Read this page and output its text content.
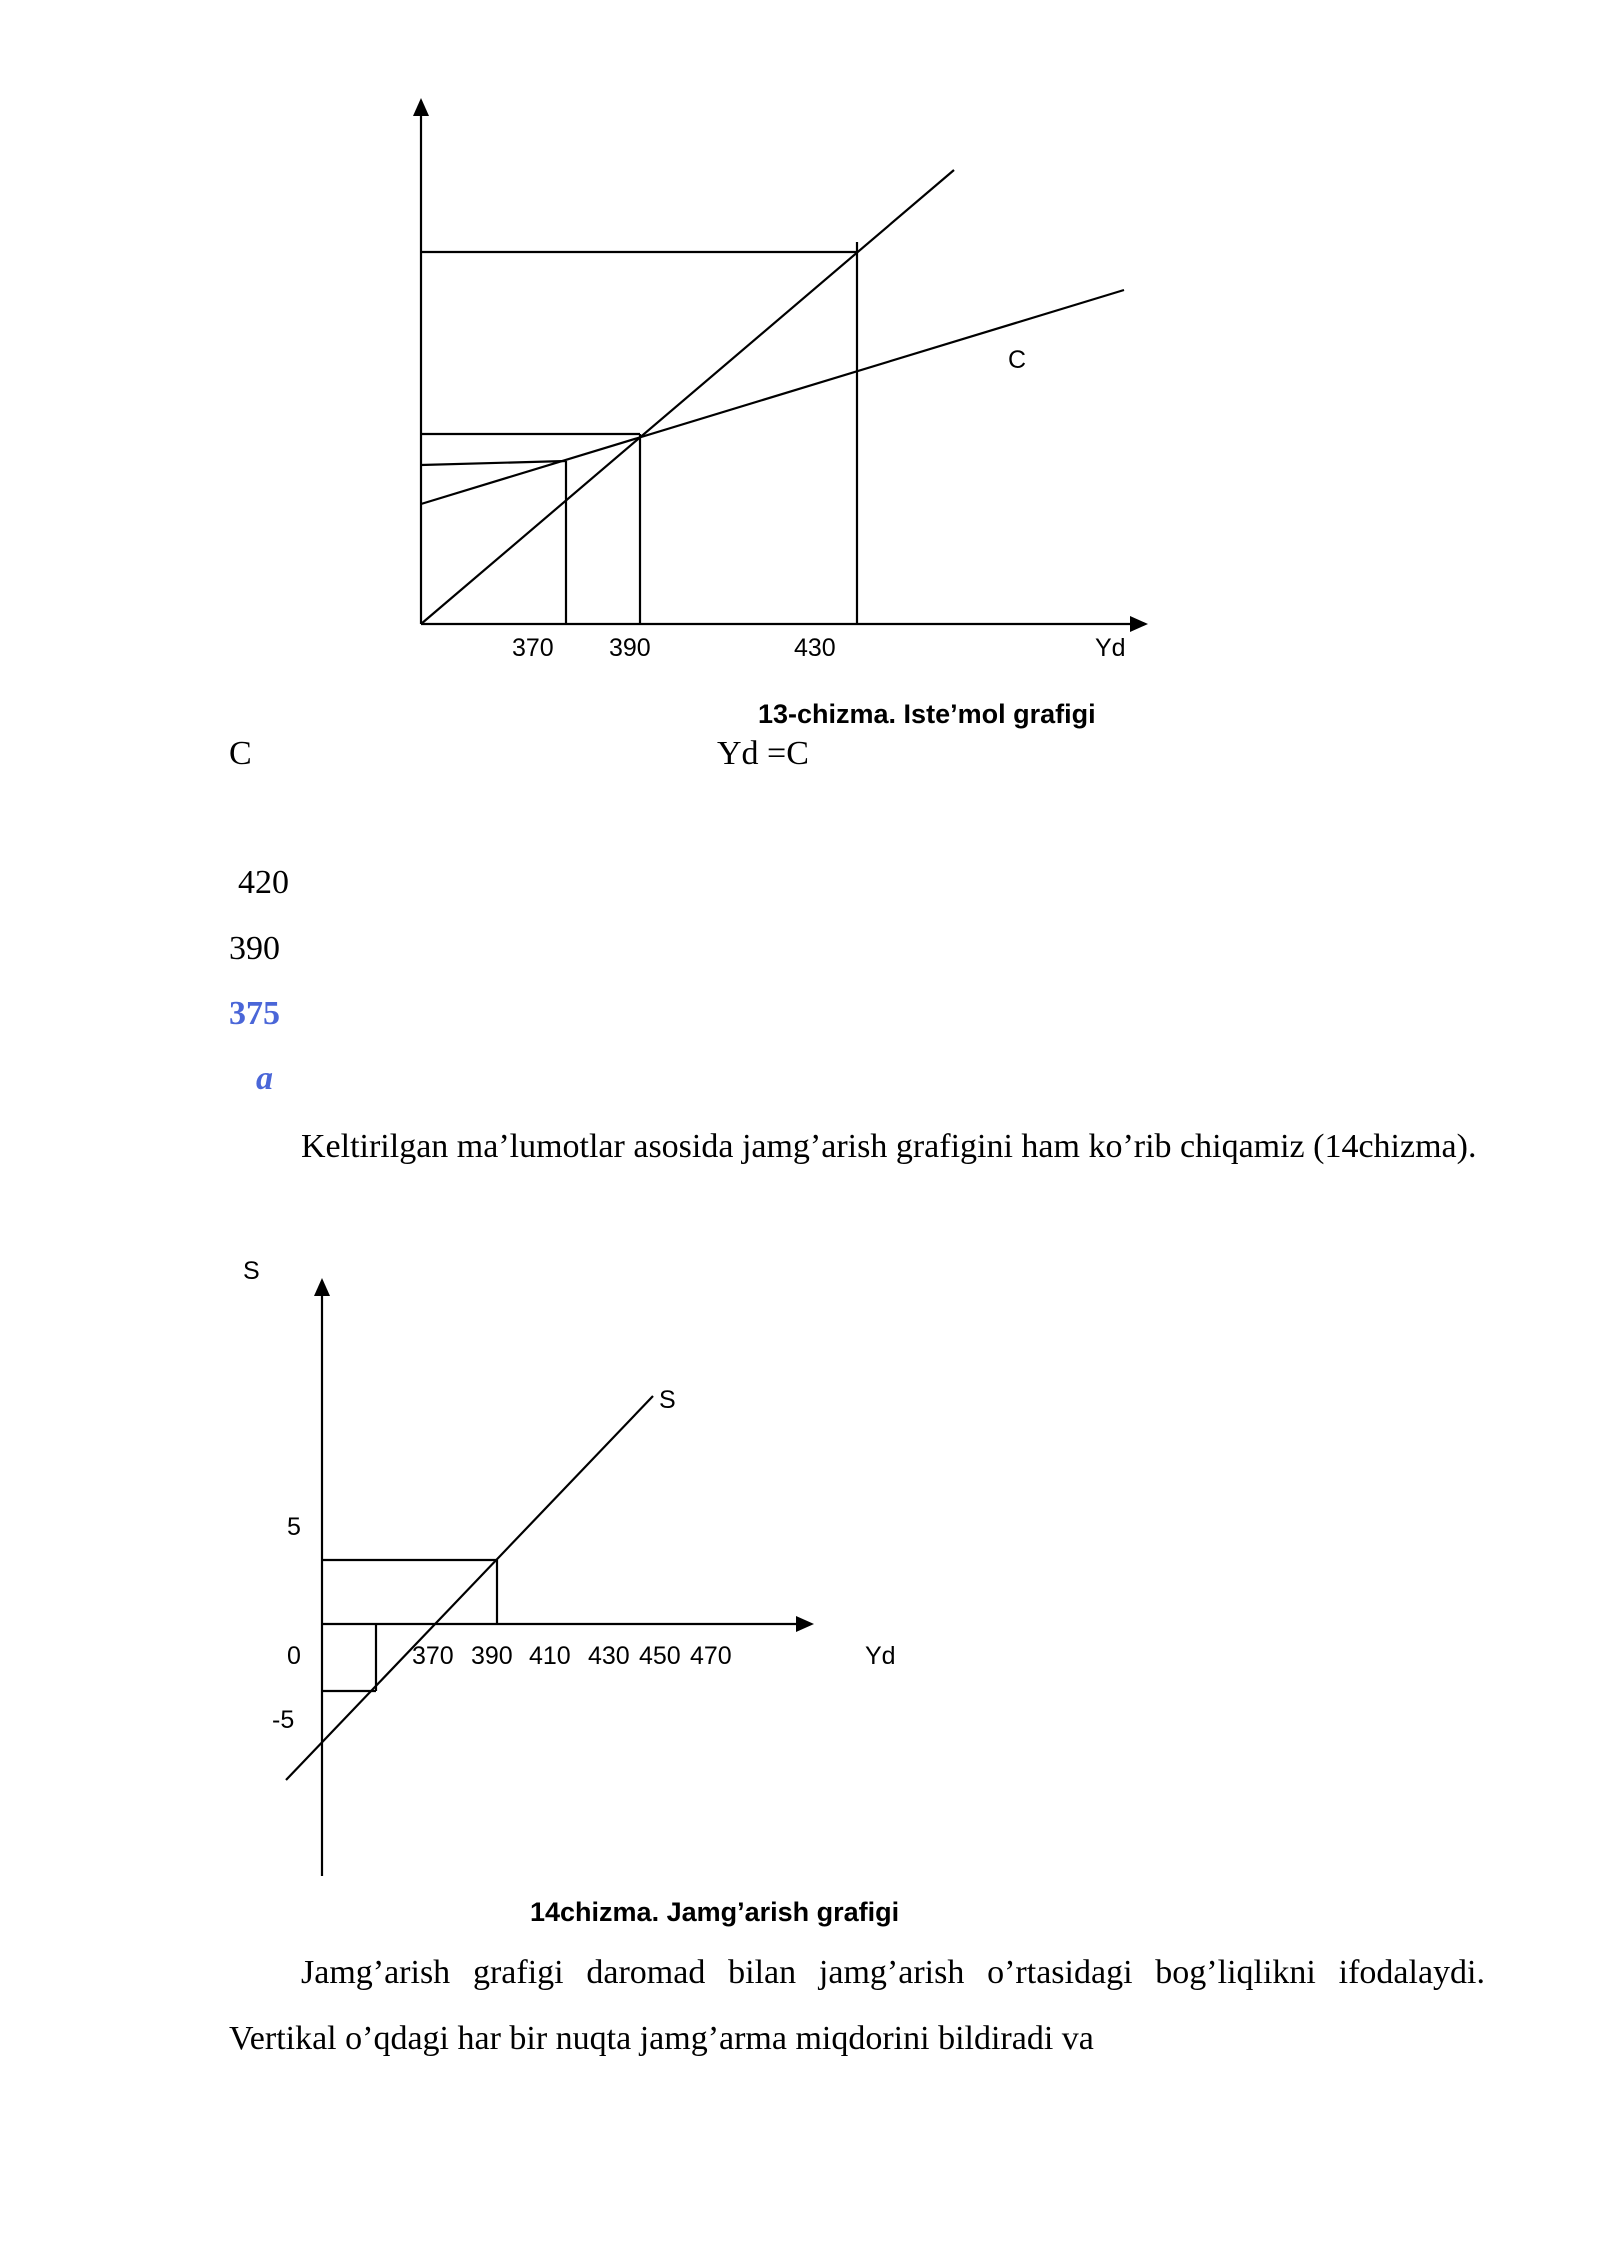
C
370 390	430	Yd
13-chizma. Iste’mol grafigi
C	Yd =C
420
390
375
a
Keltirilgan ma’lumotlar asosida jamg’arish grafigini ham ko’rib chiqamiz (14chizma).
S
S
5
0
-5
370 390 410 430 450 470	Yd
14chizma. Jamg’arish grafigi
Jamg’arish grafigi daromad bilan jamg’arish o’rtasidagi bog’liqlikni ifodalaydi. Vertikal o’qdagi har bir nuqta jamg’arma miqdorini bildiradi va
